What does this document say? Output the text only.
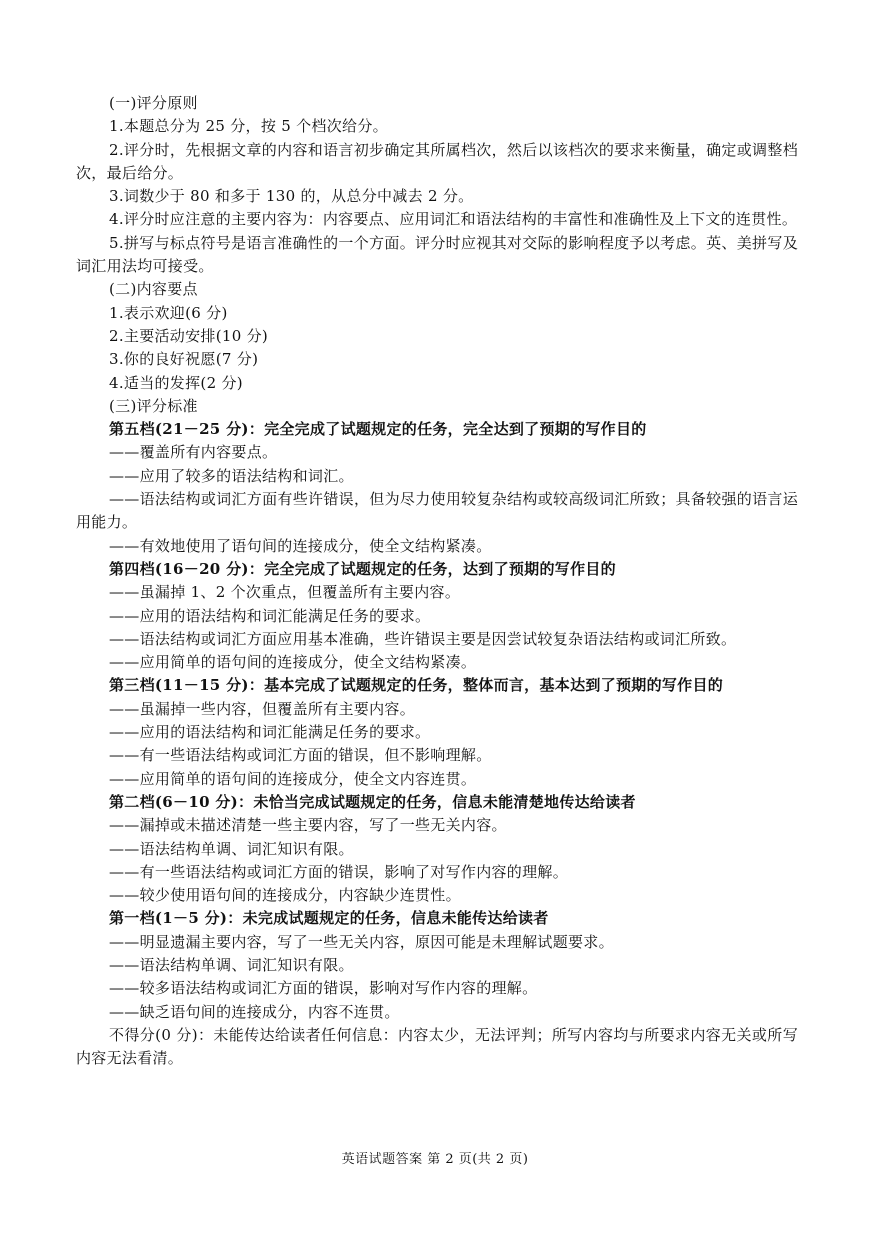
(一)评分原则
1.本题总分为 25 分，按 5 个档次给分。
2.评分时，先根据文章的内容和语言初步确定其所属档次，然后以该档次的要求来衡量，确定或调整档次，最后给分。
3.词数少于 80 和多于 130 的，从总分中减去 2 分。
4.评分时应注意的主要内容为：内容要点、应用词汇和语法结构的丰富性和准确性及上下文的连贯性。
5.拼写与标点符号是语言准确性的一个方面。评分时应视其对交际的影响程度予以考虑。英、美拼写及词汇用法均可接受。
(二)内容要点
1.表示欢迎(6 分)
2.主要活动安排(10 分)
3.你的良好祝愿(7 分)
4.适当的发挥(2 分)
(三)评分标准
第五档(21－25 分)：完全完成了试题规定的任务，完全达到了预期的写作目的
——覆盖所有内容要点。
——应用了较多的语法结构和词汇。
——语法结构或词汇方面有些许错误，但为尽力使用较复杂结构或较高级词汇所致；具备较强的语言运用能力。
——有效地使用了语句间的连接成分，使全文结构紧凑。
第四档(16－20 分)：完全完成了试题规定的任务，达到了预期的写作目的
——虽漏掉 1、2 个次重点，但覆盖所有主要内容。
——应用的语法结构和词汇能满足任务的要求。
——语法结构或词汇方面应用基本准确，些许错误主要是因尝试较复杂语法结构或词汇所致。
——应用简单的语句间的连接成分，使全文结构紧凑。
第三档(11－15 分)：基本完成了试题规定的任务，整体而言，基本达到了预期的写作目的
——虽漏掉一些内容，但覆盖所有主要内容。
——应用的语法结构和词汇能满足任务的要求。
——有一些语法结构或词汇方面的错误，但不影响理解。
——应用简单的语句间的连接成分，使全文内容连贯。
第二档(6－10 分)：未恰当完成试题规定的任务，信息未能清楚地传达给读者
——漏掉或未描述清楚一些主要内容，写了一些无关内容。
——语法结构单调、词汇知识有限。
——有一些语法结构或词汇方面的错误，影响了对写作内容的理解。
——较少使用语句间的连接成分，内容缺少连贯性。
第一档(1－5 分)：未完成试题规定的任务，信息未能传达给读者
——明显遗漏主要内容，写了一些无关内容，原因可能是未理解试题要求。
——语法结构单调、词汇知识有限。
——较多语法结构或词汇方面的错误，影响对写作内容的理解。
——缺乏语句间的连接成分，内容不连贯。
不得分(0 分)：未能传达给读者任何信息：内容太少，无法评判；所写内容均与所要求内容无关或所写内容无法看清。
英语试题答案 第 2 页(共 2 页)
